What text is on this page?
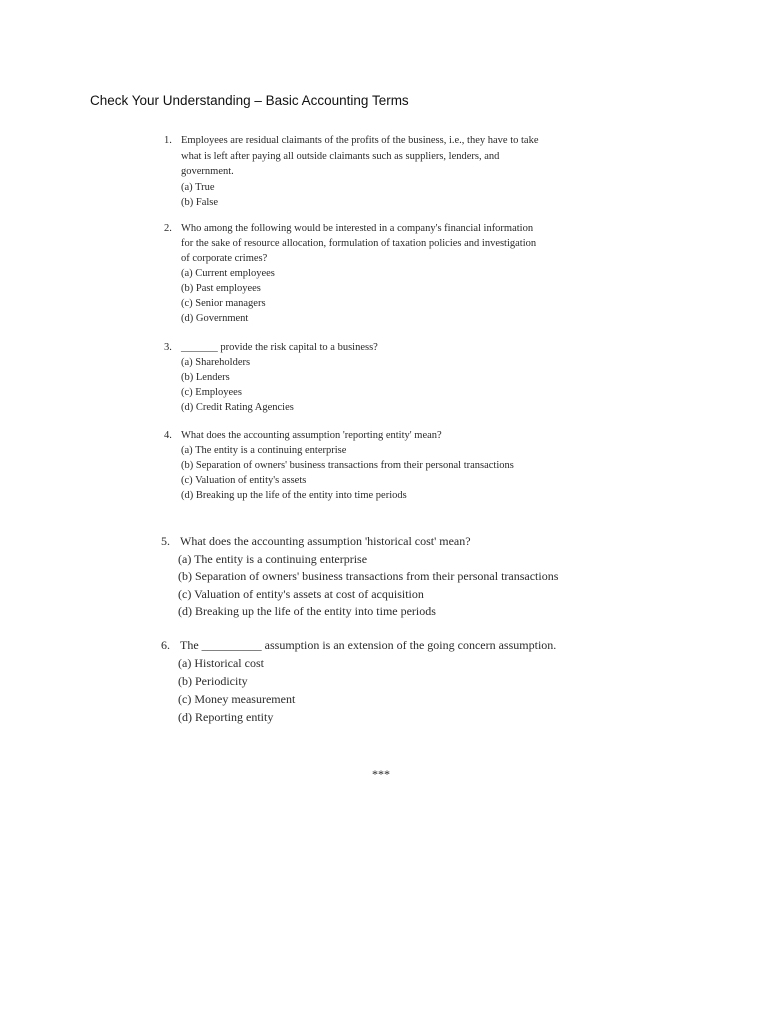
Check Your Understanding – Basic Accounting Terms
1. Employees are residual claimants of the profits of the business, i.e., they have to take
what is left after paying all outside claimants such as suppliers, lenders, and
government.
(a) True
(b) False
2. Who among the following would be interested in a company's financial information
for the sake of resource allocation, formulation of taxation policies and investigation
of corporate crimes?
(a) Current employees
(b) Past employees
(c) Senior managers
(d) Government
3. _______ provide the risk capital to a business?
(a) Shareholders
(b) Lenders
(c) Employees
(d) Credit Rating Agencies
4. What does the accounting assumption 'reporting entity' mean?
(a) The entity is a continuing enterprise
(b) Separation of owners' business transactions from their personal transactions
(c) Valuation of entity's assets
(d) Breaking up the life of the entity into time periods
5. What does the accounting assumption 'historical cost' mean?
(a) The entity is a continuing enterprise
(b) Separation of owners' business transactions from their personal transactions
(c) Valuation of entity's assets at cost of acquisition
(d) Breaking up the life of the entity into time periods
6. The __________ assumption is an extension of the going concern assumption.
(a) Historical cost
(b) Periodicity
(c) Money measurement
(d) Reporting entity
***
